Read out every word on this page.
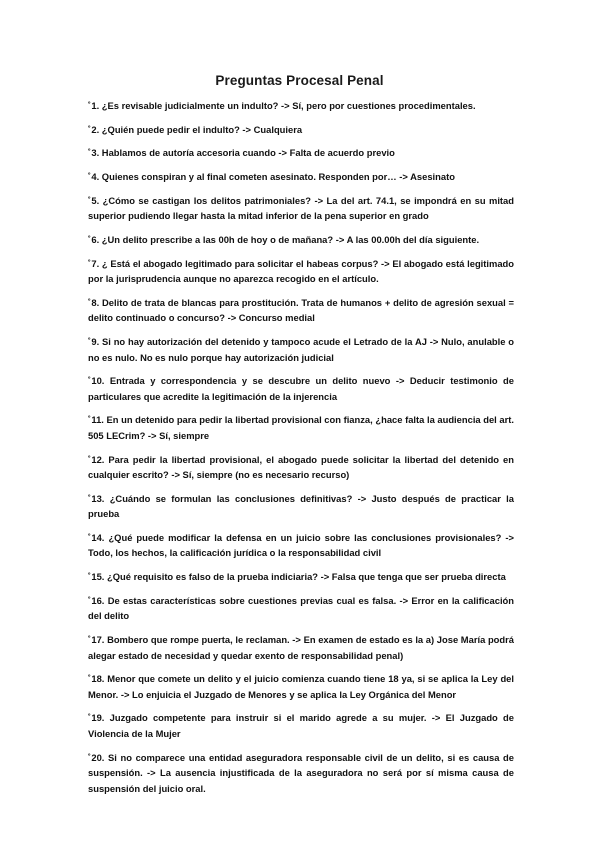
Preguntas Procesal Penal
$^º$1. ¿Es revisable judicialmente un indulto? -> Sí, pero por cuestiones procedimentales.
$^º$2. ¿Quién puede pedir el indulto? -> Cualquiera
$^º$3. Hablamos de autoría accesoria cuando -> Falta de acuerdo previo
$^º$4. Quienes conspiran y al final cometen asesinato. Responden por… -> Asesinato
$^º$5. ¿Cómo se castigan los delitos patrimoniales? -> La del art. 74.1, se impondrá en su mitad superior pudiendo llegar hasta la mitad inferior de la pena superior en grado
$^º$6. ¿Un delito prescribe a las 00h de hoy o de mañana? -> A las 00.00h del día siguiente.
$^º$7. ¿ Está el abogado legitimado para solicitar el habeas corpus? -> El abogado está legitimado por la jurisprudencia aunque no aparezca recogido en el artículo.
$^º$8. Delito de trata de blancas para prostitución. Trata de humanos + delito de agresión sexual = delito continuado o concurso? -> Concurso medial
$^º$9. Si no hay autorización del detenido y tampoco acude el Letrado de la AJ -> Nulo, anulable o no es nulo. No es nulo porque hay autorización judicial
$^º$10. Entrada y correspondencia y se descubre un delito nuevo -> Deducir testimonio de particulares que acredite la legitimación de la injerencia
$^º$11. En un detenido para pedir la libertad provisional con fianza, ¿hace falta la audiencia del art. 505 LECrim? -> Sí, siempre
$^º$12. Para pedir la libertad provisional, el abogado puede solicitar la libertad del detenido en cualquier escrito? -> Sí, siempre (no es necesario recurso)
$^º$13. ¿Cuándo se formulan las conclusiones definitivas? -> Justo después de practicar la prueba
$^º$14. ¿Qué puede modificar la defensa en un juicio sobre las conclusiones provisionales? -> Todo, los hechos, la calificación jurídica o la responsabilidad civil
$^º$15. ¿Qué requisito es falso de la prueba indiciaria? -> Falsa que tenga que ser prueba directa
$^º$16. De estas características sobre cuestiones previas cual es falsa. -> Error en la calificación del delito
$^º$17. Bombero que rompe puerta, le reclaman. -> En examen de estado es la a) Jose María podrá alegar estado de necesidad y quedar exento de responsabilidad penal)
$^º$18. Menor que comete un delito y el juicio comienza cuando tiene 18 ya, si se aplica la Ley del Menor. -> Lo enjuicia el Juzgado de Menores y se aplica la Ley Orgánica del Menor
$^º$19. Juzgado competente para instruir si el marido agrede a su mujer. -> El Juzgado de Violencia de la Mujer
$^º$20. Si no comparece una entidad aseguradora responsable civil de un delito, si es causa de suspensión. -> La ausencia injustificada de la aseguradora no será por sí misma causa de suspensión del juicio oral.
